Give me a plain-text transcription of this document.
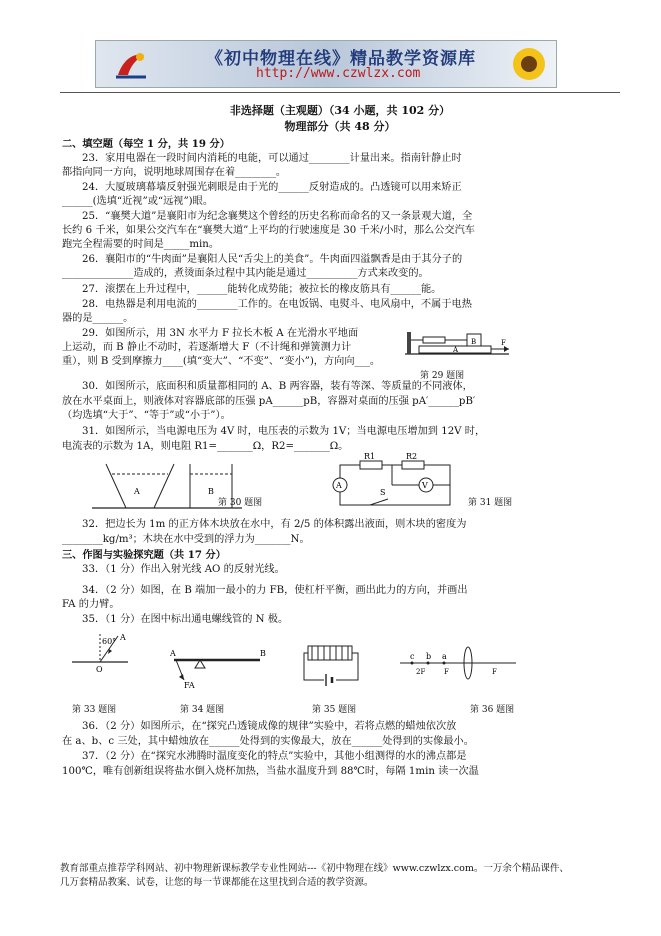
《初中物理在线》精品教学资源库
http://www.czwlzx.com
非选择题（主观题）（34 小题，共 102 分）
物理部分（共 48 分）
二、填空题（每空 1 分，共 19 分）
23．家用电器在一段时间内消耗的电能，可以通过________计量出来。指南针静止时
都指向同一方向，说明地球周围存在着________。
24．大厦玻璃幕墙反射强光刺眼是由于光的______反射造成的。凸透镜可以用来矫正
______(选填“近视”或“远视”)眼。
25．“襄樊大道”是襄阳市为纪念襄樊这个曾经的历史名称而命名的又一条景观大道，全
长约 6 千米，如果公交汽车在“襄樊大道”上平均的行驶速度是 30 千米/小时，那么公交汽车
跑完全程需要的时间是_____min。
26．襄阳市的“牛肉面”是襄阳人民“舌尖上的美食”。牛肉面四溢飘香是由于其分子的
______________造成的，煮烫面条过程中其内能是通过__________方式来改变的。
27．滚摆在上升过程中，______能转化成势能；被拉长的橡皮筋具有______能。
28．电热器是利用电流的________工作的。在电饭锅、电熨斗、电风扇中，不属于电热
器的是______。
29．如图所示，用 3N 水平力 F 拉长木板 A 在光滑水平地面
上运动，而 B 静止不动时，若逐渐增大 F（不计绳和弹簧测力计
重），则 B 受到摩擦力____(填“变大”、“不变”、“变小”)，方向向___。
B
A
F
第 29 题图
30．如图所示，底面积和质量都相同的 A、B 两容器，装有等深、等质量的不同液体，
放在水平桌面上，则液体对容器底部的压强 pA______pB，容器对桌面的压强 pA′______pB′
（均选填“大于”、“等于”或“小于”）。
31．如图所示，当电源电压为 4V 时，电压表的示数为 1V；当电源电压增加到 12V 时，
电流表的示数为 1A，则电阻 R1=_______Ω，R2=_______Ω。
A	B
第 30 题图
R1	R2
A	V
S
第 31 题图
32．把边长为 1m 的正方体木块放在水中，有 2/5 的体积露出液面，则木块的密度为
________kg/m³；木块在水中受到的浮力为_______N。
三、作图与实验探究题（共 17 分）
33．（1 分）作出入射光线 AO 的反射光线。
34．（2 分）如图，在 B 端加一最小的力 FB，使杠杆平衡，画出此力的方向，并画出
FA 的力臂。
35．（1 分）在图中标出通电螺线管的 N 极。
A
60°
O
第 33 题图
A	B
FA
第 34 题图	第 35 题图
c b a
2F	F	F
第 36 题图
36．（2 分）如图所示，在“探究凸透镜成像的规律”实验中，若将点燃的蜡烛依次放
在 a、b、c 三处，其中蜡烛放在______处得到的实像最大，放在______处得到的实像最小。
37．（2 分）在“探究水沸腾时温度变化的特点”实验中，其他小组测得的水的沸点都是
100℃，唯有创新组误将盐水倒入烧杯加热，当盐水温度升到 88℃时，每隔 1min 读一次温
教育部重点推荐学科网站、初中物理新课标教学专业性网站---《初中物理在线》www.czwlzx.com。一万余个精品课件、
几万套精品教案、试卷，让您的每一节课都能在这里找到合适的教学资源。
